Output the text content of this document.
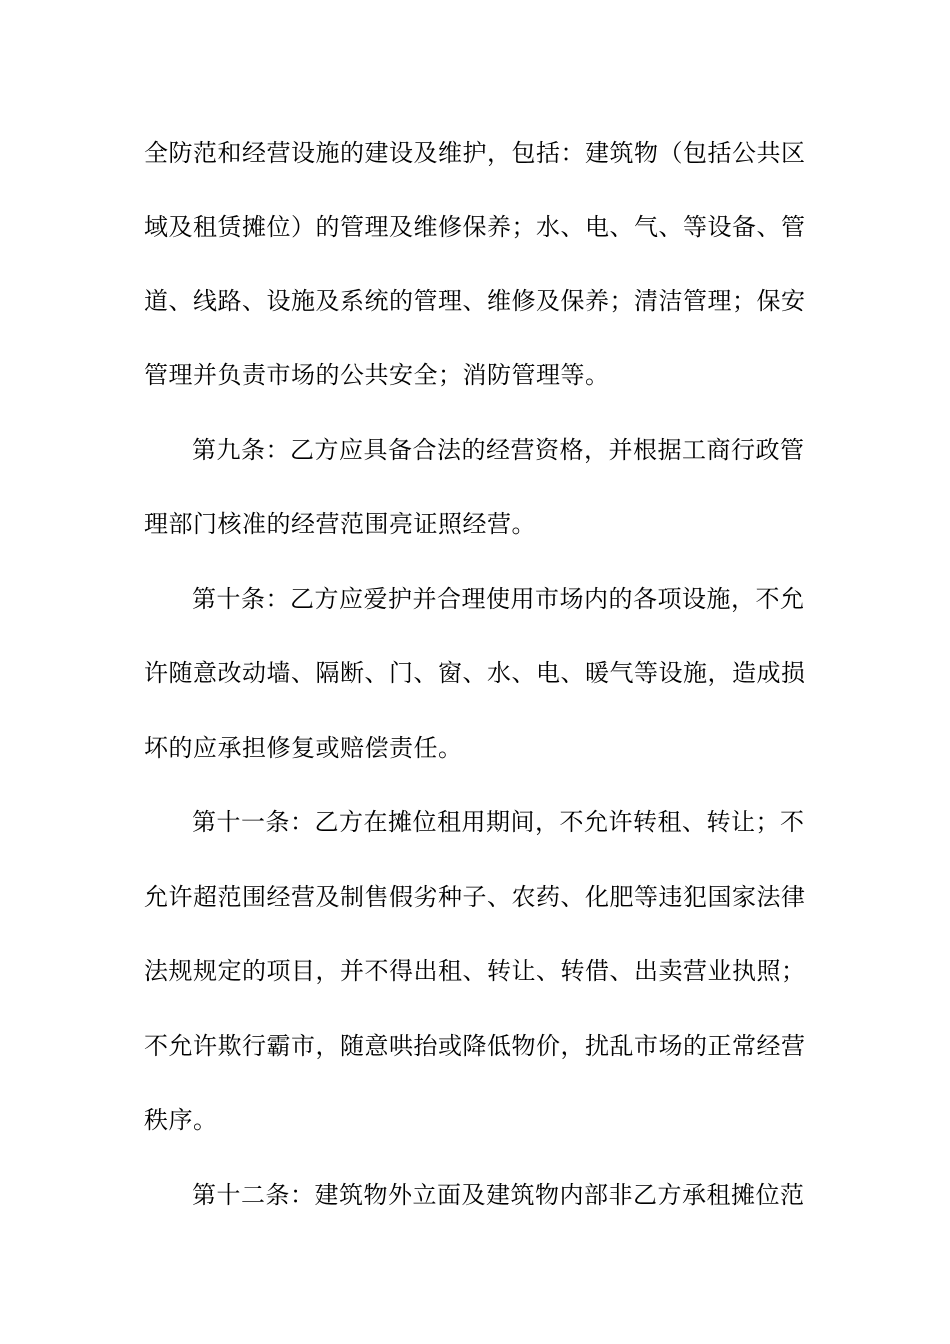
全防范和经营设施的建设及维护，包括：建筑物（包括公共区
域及租赁摊位）的管理及维修保养；水、电、气、等设备、管
道、线路、设施及系统的管理、维修及保养；清洁管理；保安
管理并负责市场的公共安全；消防管理等。
第九条：乙方应具备合法的经营资格，并根据工商行政管
理部门核准的经营范围亮证照经营。
第十条：乙方应爱护并合理使用市场内的各项设施，不允
许随意改动墙、隔断、门、窗、水、电、暖气等设施，造成损
坏的应承担修复或赔偿责任。
第十一条：乙方在摊位租用期间，不允许转租、转让；不
允许超范围经营及制售假劣种子、农药、化肥等违犯国家法律
法规规定的项目，并不得出租、转让、转借、出卖营业执照；
不允许欺行霸市，随意哄抬或降低物价，扰乱市场的正常经营
秩序。
第十二条：建筑物外立面及建筑物内部非乙方承租摊位范
